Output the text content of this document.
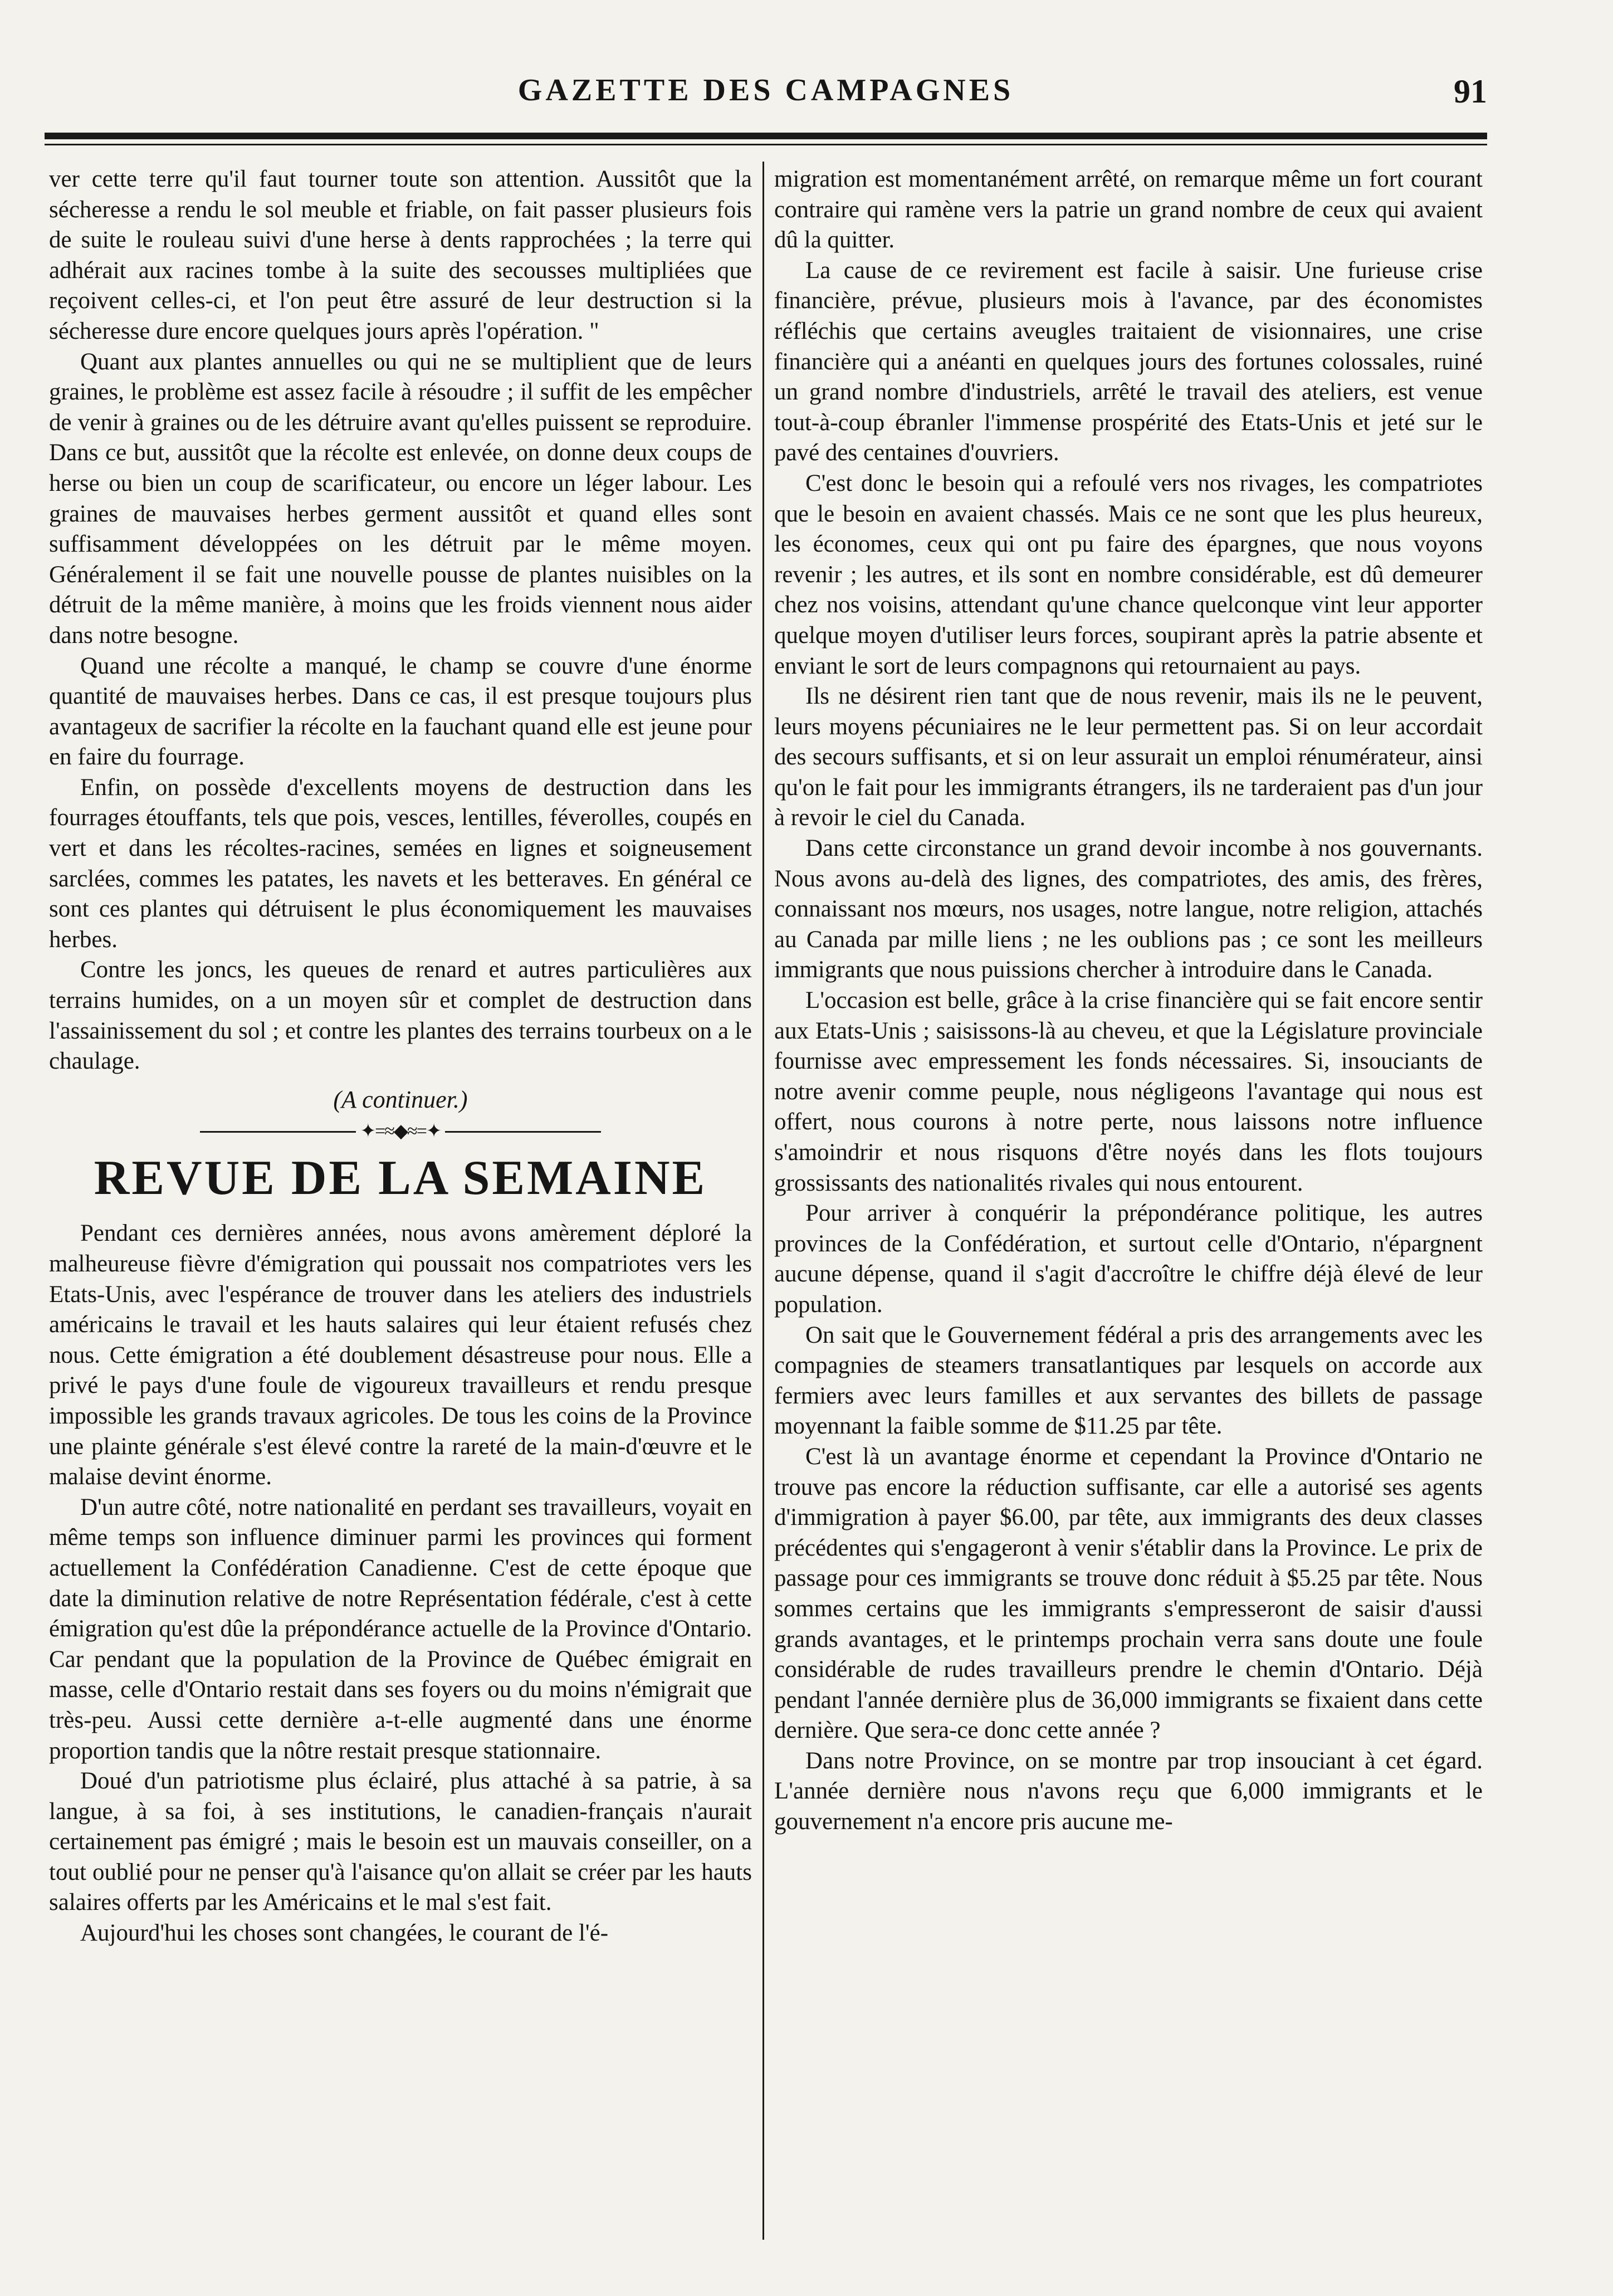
GAZETTE DES CAMPAGNES	91

ver cette terre qu'il faut tourner toute son attention. Aussitôt que la sécheresse a rendu le sol meuble et friable, on fait passer plusieurs fois de suite le rouleau suivi d'une herse à dents rapprochées ; la terre qui adhérait aux racines tombe à la suite des secousses multipliées que reçoivent celles-ci, et l'on peut être assuré de leur destruction si la sécheresse dure encore quelques jours après l'opération. "

Quant aux plantes annuelles ou qui ne se multiplient que de leurs graines, le problème est assez facile à résoudre ; il suffit de les empêcher de venir à graines ou de les détruire avant qu'elles puissent se reproduire. Dans ce but, aussitôt que la récolte est enlevée, on donne deux coups de herse ou bien un coup de scarificateur, ou encore un léger labour. Les graines de mauvaises herbes germent aussitôt et quand elles sont suffisamment développées on les détruit par le même moyen. Généralement il se fait une nouvelle pousse de plantes nuisibles on la détruit de la même manière, à moins que les froids viennent nous aider dans notre besogne.

Quand une récolte a manqué, le champ se couvre d'une énorme quantité de mauvaises herbes. Dans ce cas, il est presque toujours plus avantageux de sacrifier la récolte en la fauchant quand elle est jeune pour en faire du fourrage.

Enfin, on possède d'excellents moyens de destruction dans les fourrages étouffants, tels que pois, vesces, lentilles, féverolles, coupés en vert et dans les récoltes-racines, semées en lignes et soigneusement sarclées, commes les patates, les navets et les betteraves. En général ce sont ces plantes qui détruisent le plus économiquement les mauvaises herbes.

Contre les joncs, les queues de renard et autres particulières aux terrains humides, on a un moyen sûr et complet de destruction dans l'assainissement du sol ; et contre les plantes des terrains tourbeux on a le chaulage.

(A continuer.)
✦=≈◆≈=✦
REVUE DE LA SEMAINE

Pendant ces dernières années, nous avons amèrement déploré la malheureuse fièvre d'émigration qui poussait nos compatriotes vers les Etats-Unis, avec l'espérance de trouver dans les ateliers des industriels américains le travail et les hauts salaires qui leur étaient refusés chez nous. Cette émigration a été doublement désastreuse pour nous. Elle a privé le pays d'une foule de vigoureux travailleurs et rendu presque impossible les grands travaux agricoles. De tous les coins de la Province une plainte générale s'est élevé contre la rareté de la main-d'œuvre et le malaise devint énorme.

D'un autre côté, notre nationalité en perdant ses travailleurs, voyait en même temps son influence diminuer parmi les provinces qui forment actuellement la Confédération Canadienne. C'est de cette époque que date la diminution relative de notre Représentation fédérale, c'est à cette émigration qu'est dûe la prépondérance actuelle de la Province d'Ontario. Car pendant que la population de la Province de Québec émigrait en masse, celle d'Ontario restait dans ses foyers ou du moins n'émigrait que très-peu. Aussi cette dernière a-t-elle augmenté dans une énorme proportion tandis que la nôtre restait presque stationnaire.

Doué d'un patriotisme plus éclairé, plus attaché à sa patrie, à sa langue, à sa foi, à ses institutions, le canadien-français n'aurait certainement pas émigré ; mais le besoin est un mauvais conseiller, on a tout oublié pour ne penser qu'à l'aisance qu'on allait se créer par les hauts salaires offerts par les Américains et le mal s'est fait.

Aujourd'hui les choses sont changées, le courant de l'é-

migration est momentanément arrêté, on remarque même un fort courant contraire qui ramène vers la patrie un grand nombre de ceux qui avaient dû la quitter.

La cause de ce revirement est facile à saisir. Une furieuse crise financière, prévue, plusieurs mois à l'avance, par des économistes réfléchis que certains aveugles traitaient de visionnaires, une crise financière qui a anéanti en quelques jours des fortunes colossales, ruiné un grand nombre d'industriels, arrêté le travail des ateliers, est venue tout-à-coup ébranler l'immense prospérité des Etats-Unis et jeté sur le pavé des centaines d'ouvriers.

C'est donc le besoin qui a refoulé vers nos rivages, les compatriotes que le besoin en avaient chassés. Mais ce ne sont que les plus heureux, les économes, ceux qui ont pu faire des épargnes, que nous voyons revenir ; les autres, et ils sont en nombre considérable, est dû demeurer chez nos voisins, attendant qu'une chance quelconque vint leur apporter quelque moyen d'utiliser leurs forces, soupirant après la patrie absente et enviant le sort de leurs compagnons qui retournaient au pays.

Ils ne désirent rien tant que de nous revenir, mais ils ne le peuvent, leurs moyens pécuniaires ne le leur permettent pas. Si on leur accordait des secours suffisants, et si on leur assurait un emploi rénumérateur, ainsi qu'on le fait pour les immigrants étrangers, ils ne tarderaient pas d'un jour à revoir le ciel du Canada.

Dans cette circonstance un grand devoir incombe à nos gouvernants. Nous avons au-delà des lignes, des compatriotes, des amis, des frères, connaissant nos mœurs, nos usages, notre langue, notre religion, attachés au Canada par mille liens ; ne les oublions pas ; ce sont les meilleurs immigrants que nous puissions chercher à introduire dans le Canada.

L'occasion est belle, grâce à la crise financière qui se fait encore sentir aux Etats-Unis ; saisissons-là au cheveu, et que la Législature provinciale fournisse avec empressement les fonds nécessaires. Si, insouciants de notre avenir comme peuple, nous négligeons l'avantage qui nous est offert, nous courons à notre perte, nous laissons notre influence s'amoindrir et nous risquons d'être noyés dans les flots toujours grossissants des nationalités rivales qui nous entourent.

Pour arriver à conquérir la prépondérance politique, les autres provinces de la Confédération, et surtout celle d'Ontario, n'épargnent aucune dépense, quand il s'agit d'accroître le chiffre déjà élevé de leur population.

On sait que le Gouvernement fédéral a pris des arrangements avec les compagnies de steamers transatlantiques par lesquels on accorde aux fermiers avec leurs familles et aux servantes des billets de passage moyennant la faible somme de $11.25 par tête.

C'est là un avantage énorme et cependant la Province d'Ontario ne trouve pas encore la réduction suffisante, car elle a autorisé ses agents d'immigration à payer $6.00, par tête, aux immigrants des deux classes précédentes qui s'engageront à venir s'établir dans la Province. Le prix de passage pour ces immigrants se trouve donc réduit à $5.25 par tête. Nous sommes certains que les immigrants s'empresseront de saisir d'aussi grands avantages, et le printemps prochain verra sans doute une foule considérable de rudes travailleurs prendre le chemin d'Ontario. Déjà pendant l'année dernière plus de 36,000 immigrants se fixaient dans cette dernière. Que sera-ce donc cette année ?

Dans notre Province, on se montre par trop insouciant à cet égard. L'année dernière nous n'avons reçu que 6,000 immigrants et le gouvernement n'a encore pris aucune me-
